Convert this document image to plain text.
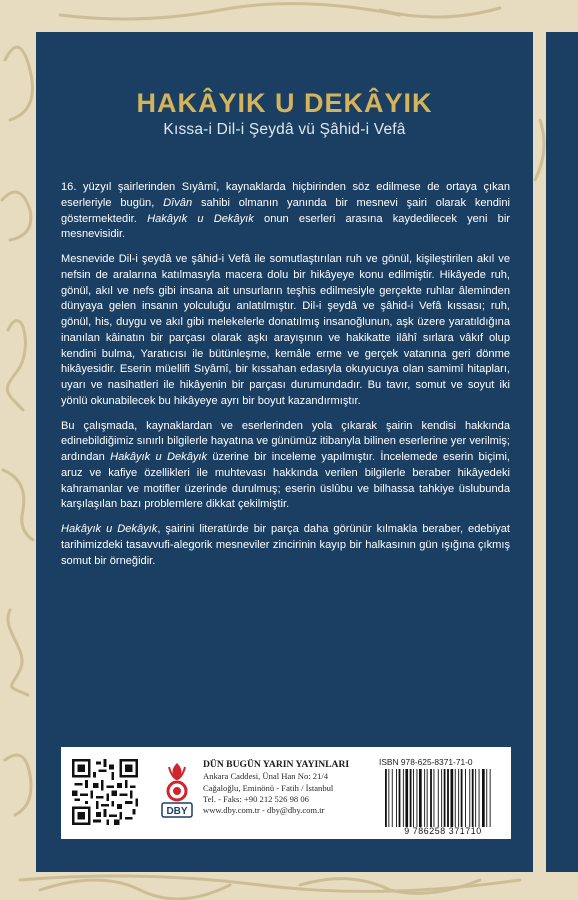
HAKÂYIK U DEKÂYIK
Kıssa-i Dil-i Şeydâ vü Şâhid-i Vefâ

16. yüzyıl şairlerinden Sıyâmî, kaynaklarda hiçbirinden söz edilmese de ortaya çıkan eserleriyle bugün, Dîvân sahibi olmanın yanında bir mesnevi şairi olarak kendini göstermektedir. Hakâyık u Dekâyık onun eserleri arasına kaydedilecek yeni bir mesnevisidir.

Mesnevide Dil-i şeydâ ve şâhid-i Vefâ ile somutlaştırılan ruh ve gönül, kişileştirilen akıl ve nefsin de aralarına katılmasıyla macera dolu bir hikâyeye konu edilmiştir. Hikâyede ruh, gönül, akıl ve nefs gibi insana ait unsurların teşhis edilmesiyle gerçekte ruhlar âleminden dünyaya gelen insanın yolculuğu anlatılmıştır. Dil-i şeydâ ve şâhid-i Vefâ kıssası; ruh, gönül, his, duygu ve akıl gibi melekelerle donatılmış insanoğlunun, aşk üzere yaratıldığına inanılan kâinatın bir parçası olarak aşkı arayışının ve hakikatte ilâhî sırlara vâkıf olup kendini bulma, Yaratıcısı ile bütünleşme, kemâle erme ve gerçek vatanına geri dönme hikâyesidir. Eserin müellifi Sıyâmî, bir kıssahan edasıyla okuyucuya olan samimî hitapları, uyarı ve nasihatleri ile hikâyenin bir parçası durumundadır. Bu tavır, somut ve soyut iki yönlü okunabilecek bu hikâyeye ayrı bir boyut kazandırmıştır.

Bu çalışmada, kaynaklardan ve eserlerinden yola çıkarak şairin kendisi hakkında edinebildiğimiz sınırlı bilgilerle hayatına ve günümüz itibanyla bilinen eserlerine yer verilmiş; ardından Hakâyık u Dekâyık üzerine bir inceleme yapılmıştır. İncelemede eserin biçimi, aruz ve kafiye özellikleri ile muhtevası hakkında verilen bilgilerle beraber hikâyedeki kahramanlar ve motifler üzerinde durulmuş; eserin üslûbu ve bilhassa tahkiye üslubunda karşılaşılan bazı problemlere dikkat çekilmiştir.

Hakâyık u Dekâyık, şairini literatürde bir parça daha görünür kılmakla beraber, edebiyat tarihimizdeki tasavvufi-alegorik mesneviler zincirinin kayıp bir halkasının gün ışığına çıkmış somut bir örneğidir.

DBY
DÜN BUGÜN YARIN YAYINLARI
Ankara Caddesi, Ünal Han No: 21/4
Cağaloğlu, Eminönü - Fatih / İstanbul
Tel. - Faks: +90 212 526 98 06
www.dby.com.tr - dby@dby.com.tr
ISBN 978-625-8371-71-0
9 786258 371710
